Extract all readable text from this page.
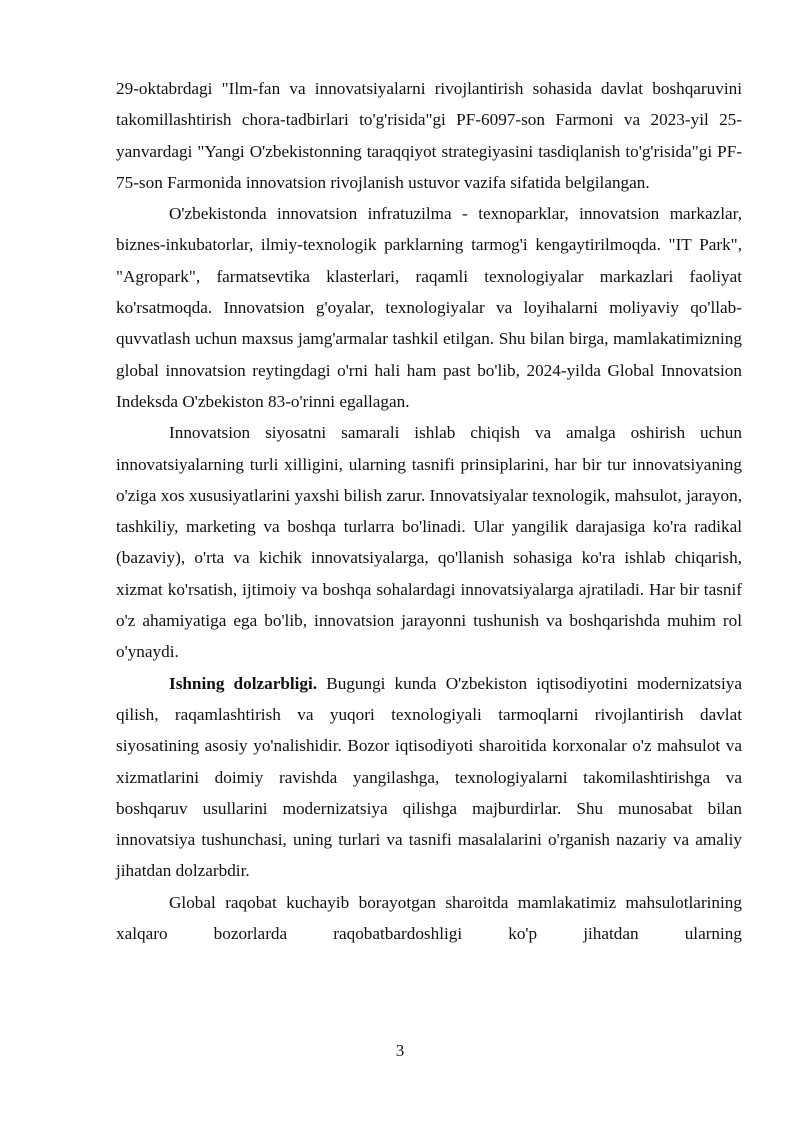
29-oktabrdagi "Ilm-fan va innovatsiyalarni rivojlantirish sohasida davlat boshqaruvini takomillashtirish chora-tadbirlari to'g'risida"gi PF-6097-son Farmoni va 2023-yil 25-yanvardagi "Yangi O'zbekistonning taraqqiyot strategiyasini tasdiqlanish to'g'risida"gi PF-75-son Farmonida innovatsion rivojlanish ustuvor vazifa sifatida belgilangan.

O'zbekistonda innovatsion infratuzilma - texnoparklar, innovatsion markazlar, biznes-inkubatorlar, ilmiy-texnologik parklarning tarmog'i kengaytirilmoqda. "IT Park", "Agropark", farmatsevtika klasterlari, raqamli texnologiyalar markazlari faoliyat ko'rsatmoqda. Innovatsion g'oyalar, texnologiyalar va loyihalarni moliyaviy qo'llab-quvvatlash uchun maxsus jamg'armalar tashkil etilgan. Shu bilan birga, mamlakatimizning global innovatsion reytingdagi o'rni hali ham past bo'lib, 2024-yilda Global Innovatsion Indeksda O'zbekiston 83-o'rinni egallagan.

Innovatsion siyosatni samarali ishlab chiqish va amalga oshirish uchun innovatsiyalarning turli xilligini, ularning tasnifi prinsiplarini, har bir tur innovatsiyaning o'ziga xos xususiyatlarini yaxshi bilish zarur. Innovatsiyalar texnologik, mahsulot, jarayon, tashkiliy, marketing va boshqa turlarra bo'linadi. Ular yangilik darajasiga ko'ra radikal (bazaviy), o'rta va kichik innovatsiyalarga, qo'llanish sohasiga ko'ra ishlab chiqarish, xizmat ko'rsatish, ijtimoiy va boshqa sohalardagi innovatsiyalarga ajratiladi. Har bir tasnif o'z ahamiyatiga ega bo'lib, innovatsion jarayonni tushunish va boshqarishda muhim rol o'ynaydi.

Ishning dolzarbligi. Bugungi kunda O'zbekiston iqtisodiyotini modernizatsiya qilish, raqamlashtirish va yuqori texnologiyali tarmoqlarni rivojlantirish davlat siyosatining asosiy yo'nalishidir. Bozor iqtisodiyoti sharoitida korxonalar o'z mahsulot va xizmatlarini doimiy ravishda yangilashga, texnologiyalarni takomilashtirishga va boshqaruv usullarini modernizatsiya qilishga majburdirlar. Shu munosabat bilan innovatsiya tushunchasi, uning turlari va tasnifi masalalarini o'rganish nazariy va amaliy jihatdan dolzarbdir.

Global raqobat kuchayib borayotgan sharoitda mamlakatimiz mahsulotlarining xalqaro bozorlarda raqobatbardoshligi ko'p jihatdan ularning

3
